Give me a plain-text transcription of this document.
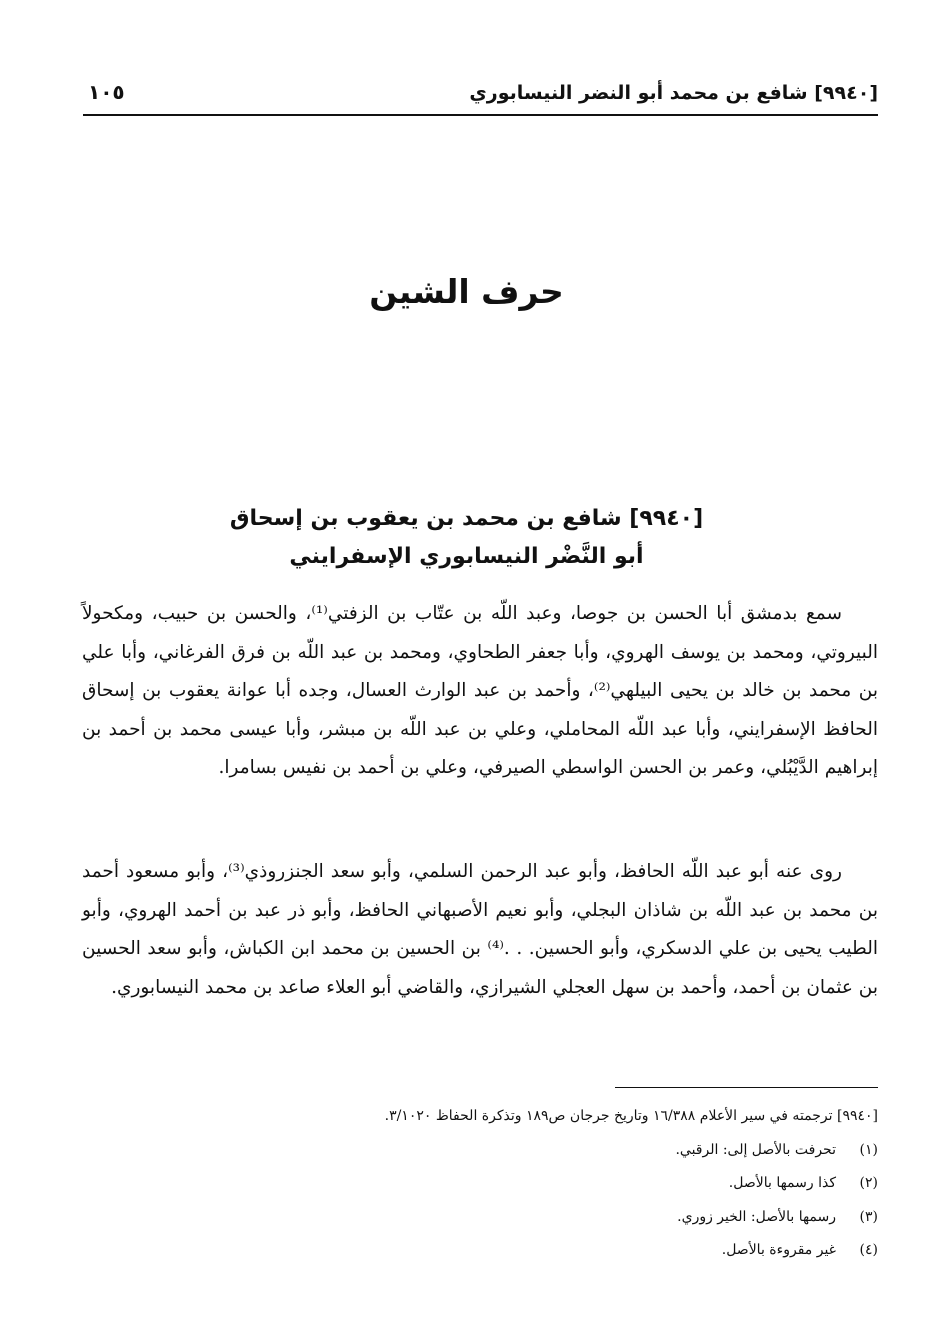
[٩٩٤٠] شافع بن محمد أبو النضر النيسابوري
١٠٥
حرف الشين
[٩٩٤٠] شافع بن محمد بن يعقوب بن إسحاق
أبو النَّضْر النيسابوري الإسفرايني
سمع بدمشق أبا الحسن بن جوصا، وعبد اللّه بن عتّاب بن الزفتي⁽¹⁾، والحسن بن حبيب، ومكحولاً البيروتي، ومحمد بن يوسف الهروي، وأبا جعفر الطحاوي، ومحمد بن عبد اللّه بن فرق الفرغاني، وأبا علي بن محمد بن خالد بن يحيى البيلهي⁽²⁾، وأحمد بن عبد الوارث العسال، وجده أبا عوانة يعقوب بن إسحاق الحافظ الإسفرايني، وأبا عبد اللّه المحاملي، وعلي بن عبد اللّه بن مبشر، وأبا عيسى محمد بن أحمد بن إبراهيم الدَّيْبُلي، وعمر بن الحسن الواسطي الصيرفي، وعلي بن أحمد بن نفيس بسامرا.
روى عنه أبو عبد اللّه الحافظ، وأبو عبد الرحمن السلمي، وأبو سعد الجنزروذي⁽³⁾، وأبو مسعود أحمد بن محمد بن عبد اللّه بن شاذان البجلي، وأبو نعيم الأصبهاني الحافظ، وأبو ذر عبد بن أحمد الهروي، وأبو الطيب يحيى بن علي الدسكري، وأبو الحسين. . .⁽⁴⁾ بن الحسين بن محمد ابن الكباش، وأبو سعد الحسين بن عثمان بن أحمد، وأحمد بن سهل العجلي الشيرازي، والقاضي أبو العلاء صاعد بن محمد النيسابوري.
[٩٩٤٠] ترجمته في سير الأعلام ١٦/٣٨٨ وتاريخ جرجان ص١٨٩ وتذكرة الحفاظ ٣/١٠٢٠.
(١)
تحرفت بالأصل إلى: الرقبي.
(٢)
كذا رسمها بالأصل.
(٣)
رسمها بالأصل: الخير زوري.
(٤)
غير مقروءة بالأصل.
